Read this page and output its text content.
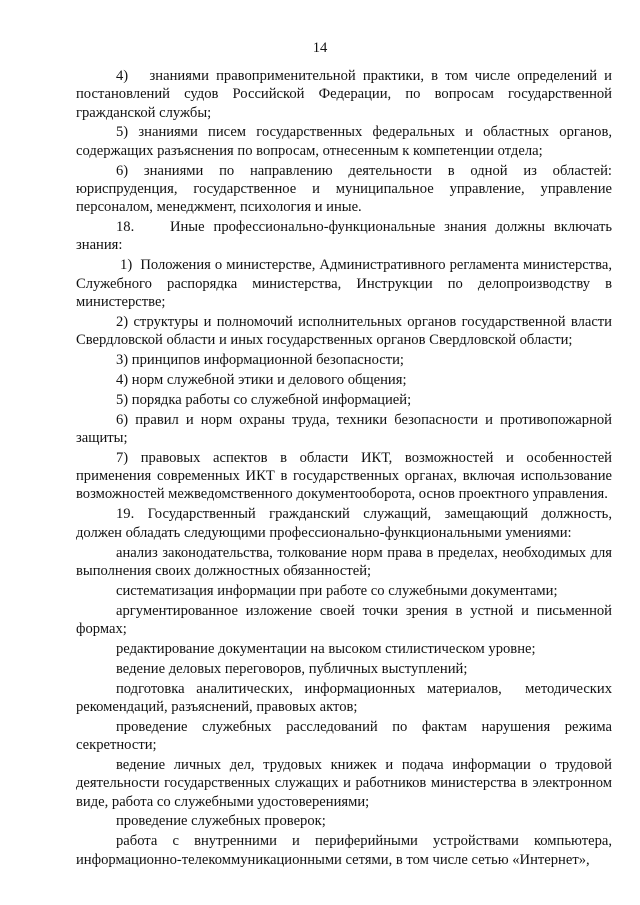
14

4)   знаниями правоприменительной практики, в том числе определений и постановлений судов Российской Федерации, по вопросам государственной гражданской службы;

5) знаниями писем государственных федеральных и областных органов, содержащих разъяснения по вопросам, отнесенным к компетенции отдела;

6) знаниями по направлению деятельности в одной из областей: юриспруденция, государственное и муниципальное управление, управление персоналом, менеджмент, психология и иные.

18.    Иные профессионально-функциональные знания должны включать знания:

1)  Положения о министерстве, Административного регламента министерства, Служебного распорядка министерства, Инструкции по делопроизводству в министерстве;

2) структуры и полномочий исполнительных органов государственной власти Свердловской области и иных государственных органов Свердловской области;

3) принципов информационной безопасности;

4) норм служебной этики и делового общения;

5) порядка работы со служебной информацией;

6) правил и норм охраны труда, техники безопасности и противопожарной защиты;

7) правовых аспектов в области ИКТ, возможностей и особенностей применения современных ИКТ в государственных органах, включая использование возможностей межведомственного документооборота, основ проектного управления.

19. Государственный гражданский служащий, замещающий должность, должен обладать следующими профессионально-функциональными умениями:

анализ законодательства, толкование норм права в пределах, необходимых для выполнения своих должностных обязанностей;

систематизация информации при работе со служебными документами;

аргументированное изложение своей точки зрения в устной и письменной формах;

редактирование документации на высоком стилистическом уровне;

ведение деловых переговоров, публичных выступлений;

подготовка аналитических, информационных материалов,  методических рекомендаций, разъяснений, правовых актов;

проведение служебных расследований по фактам нарушения режима секретности;

ведение личных дел, трудовых книжек и подача информации о трудовой деятельности государственных служащих и работников министерства в электронном виде, работа со служебными удостоверениями;

проведение служебных проверок;

работа с внутренними и периферийными устройствами компьютера, информационно-телекоммуникационными сетями, в том числе сетью «Интернет»,
